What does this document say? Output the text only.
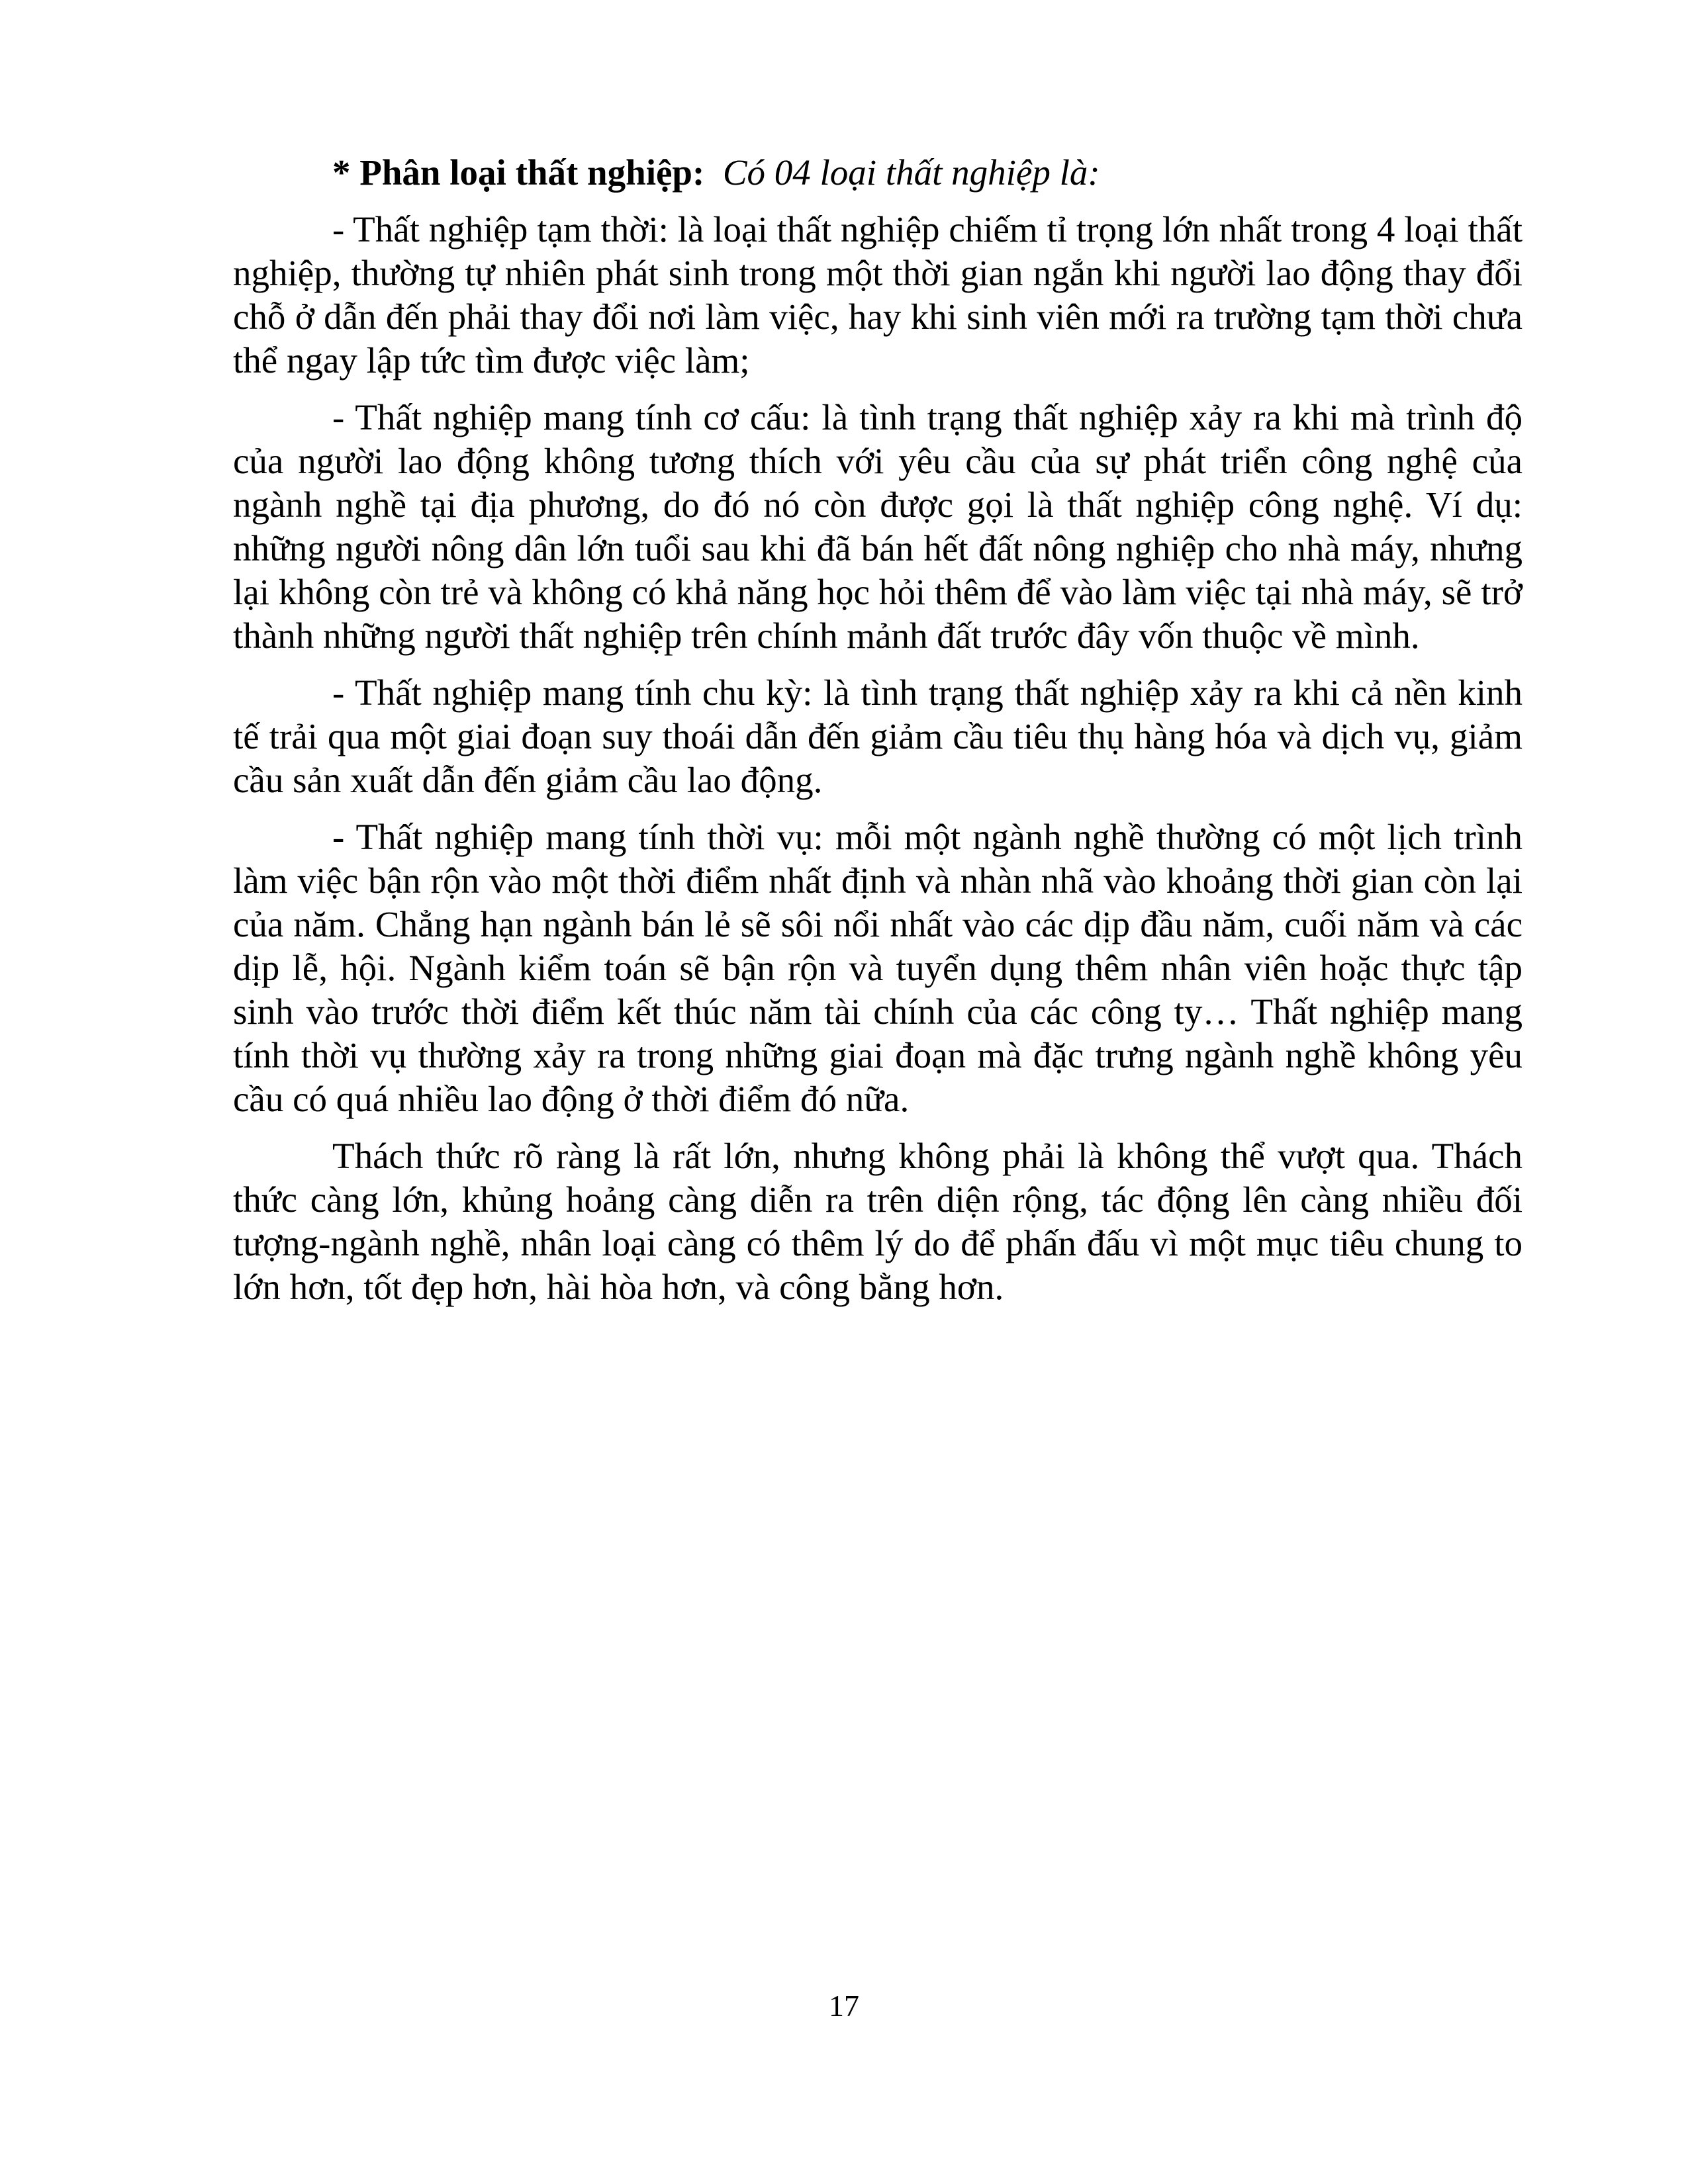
* Phân loại thất nghiệp: Có 04 loại thất nghiệp là:

- Thất nghiệp tạm thời: là loại thất nghiệp chiếm tỉ trọng lớn nhất trong 4 loại thất nghiệp, thường tự nhiên phát sinh trong một thời gian ngắn khi người lao động thay đổi chỗ ở dẫn đến phải thay đổi nơi làm việc, hay khi sinh viên mới ra trường tạm thời chưa thể ngay lập tức tìm được việc làm;

- Thất nghiệp mang tính cơ cấu: là tình trạng thất nghiệp xảy ra khi mà trình độ của người lao động không tương thích với yêu cầu của sự phát triển công nghệ của ngành nghề tại địa phương, do đó nó còn được gọi là thất nghiệp công nghệ. Ví dụ: những người nông dân lớn tuổi sau khi đã bán hết đất nông nghiệp cho nhà máy, nhưng lại không còn trẻ và không có khả năng học hỏi thêm để vào làm việc tại nhà máy, sẽ trở thành những người thất nghiệp trên chính mảnh đất trước đây vốn thuộc về mình.

- Thất nghiệp mang tính chu kỳ: là tình trạng thất nghiệp xảy ra khi cả nền kinh tế trải qua một giai đoạn suy thoái dẫn đến giảm cầu tiêu thụ hàng hóa và dịch vụ, giảm cầu sản xuất dẫn đến giảm cầu lao động.

- Thất nghiệp mang tính thời vụ: mỗi một ngành nghề thường có một lịch trình làm việc bận rộn vào một thời điểm nhất định và nhàn nhã vào khoảng thời gian còn lại của năm. Chẳng hạn ngành bán lẻ sẽ sôi nổi nhất vào các dịp đầu năm, cuối năm và các dịp lễ, hội. Ngành kiểm toán sẽ bận rộn và tuyển dụng thêm nhân viên hoặc thực tập sinh vào trước thời điểm kết thúc năm tài chính của các công ty… Thất nghiệp mang tính thời vụ thường xảy ra trong những giai đoạn mà đặc trưng ngành nghề không yêu cầu có quá nhiều lao động ở thời điểm đó nữa.

Thách thức rõ ràng là rất lớn, nhưng không phải là không thể vượt qua. Thách thức càng lớn, khủng hoảng càng diễn ra trên diện rộng, tác động lên càng nhiều đối tượng-ngành nghề, nhân loại càng có thêm lý do để phấn đấu vì một mục tiêu chung to lớn hơn, tốt đẹp hơn, hài hòa hơn, và công bằng hơn.

17
